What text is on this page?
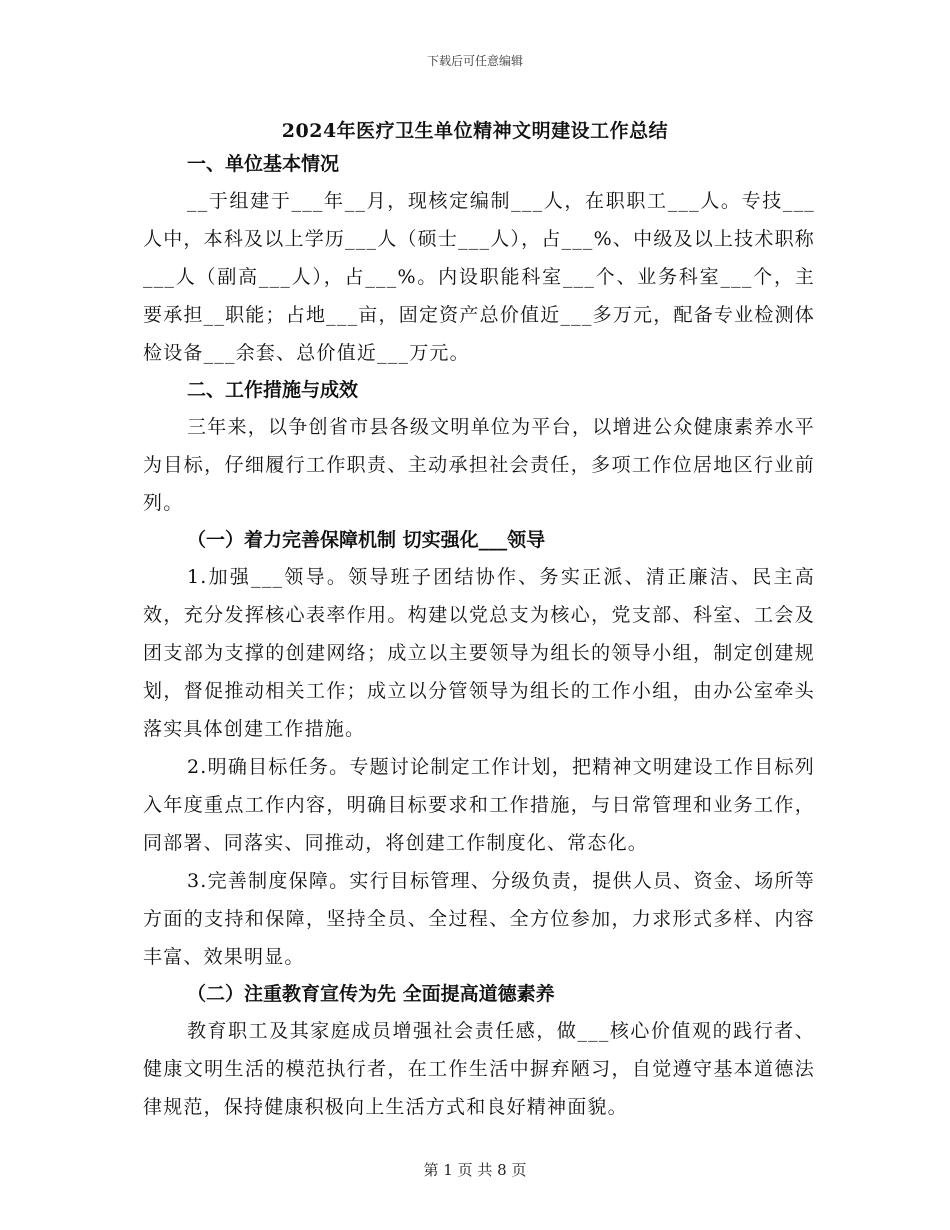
下载后可任意编辑
2024年医疗卫生单位精神文明建设工作总结

一、单位基本情况

__于组建于___年__月，现核定编制___人，在职职工___人。专技___人中，本科及以上学历___人（硕士___人），占___%、中级及以上技术职称___人（副高___人），占___%。内设职能科室___个、业务科室___个，主要承担__职能；占地___亩，固定资产总价值近___多万元，配备专业检测体检设备___余套、总价值近___万元。

二、工作措施与成效

三年来，以争创省市县各级文明单位为平台，以增进公众健康素养水平为目标，仔细履行工作职责、主动承担社会责任，多项工作位居地区行业前列。

（一）着力完善保障机制 切实强化___领导

1.加强___领导。领导班子团结协作、务实正派、清正廉洁、民主高效，充分发挥核心表率作用。构建以党总支为核心，党支部、科室、工会及团支部为支撑的创建网络；成立以主要领导为组长的领导小组，制定创建规划，督促推动相关工作；成立以分管领导为组长的工作小组，由办公室牵头落实具体创建工作措施。

2.明确目标任务。专题讨论制定工作计划，把精神文明建设工作目标列入年度重点工作内容，明确目标要求和工作措施，与日常管理和业务工作，同部署、同落实、同推动，将创建工作制度化、常态化。

3.完善制度保障。实行目标管理、分级负责，提供人员、资金、场所等方面的支持和保障，坚持全员、全过程、全方位参加，力求形式多样、内容丰富、效果明显。

（二）注重教育宣传为先 全面提高道德素养

教育职工及其家庭成员增强社会责任感，做___核心价值观的践行者、健康文明生活的模范执行者，在工作生活中摒弃陋习，自觉遵守基本道德法律规范，保持健康积极向上生活方式和良好精神面貌。

第 1 页 共 8 页
